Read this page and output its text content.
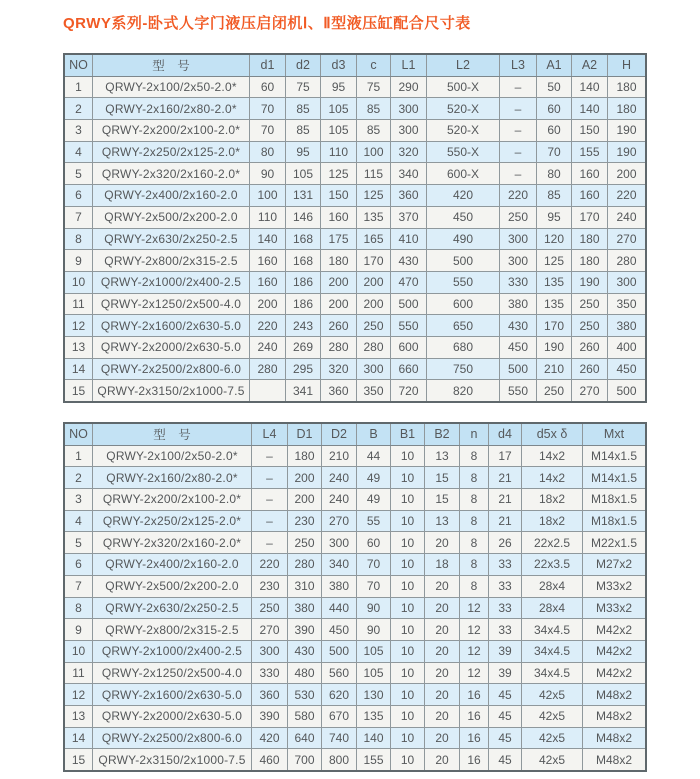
QRWY系列-卧式人字门液压启闭机Ⅰ、Ⅱ型液压缸配合尺寸表
NO	型　号	d1	d2	d3	c	L1	L2	L3	A1	A2	H
1	QRWY-2x100/2x50-2.0*	60	75	95	75	290	500-X	–	50	140	180
2	QRWY-2x160/2x80-2.0*	70	85	105	85	300	520-X	–	60	140	180
3	QRWY-2x200/2x100-2.0*	70	85	105	85	300	520-X	–	60	150	190
4	QRWY-2x250/2x125-2.0*	80	95	110	100	320	550-X	–	70	155	190
5	QRWY-2x320/2x160-2.0*	90	105	125	115	340	600-X	–	80	160	200
6	QRWY-2x400/2x160-2.0	100	131	150	125	360	420	220	85	160	220
7	QRWY-2x500/2x200-2.0	110	146	160	135	370	450	250	95	170	240
8	QRWY-2x630/2x250-2.5	140	168	175	165	410	490	300	120	180	270
9	QRWY-2x800/2x315-2.5	160	168	180	170	430	500	300	125	180	280
10	QRWY-2x1000/2x400-2.5	160	186	200	200	470	550	330	135	190	300
11	QRWY-2x1250/2x500-4.0	200	186	200	200	500	600	380	135	250	350
12	QRWY-2x1600/2x630-5.0	220	243	260	250	550	650	430	170	250	380
13	QRWY-2x2000/2x630-5.0	240	269	280	280	600	680	450	190	260	400
14	QRWY-2x2500/2x800-6.0	280	295	320	300	660	750	500	210	260	450
15	QRWY-2x3150/2x1000-7.5		341	360	350	720	820	550	250	270	500
NO	型　号	L4	D1	D2	B	B1	B2	n	d4	d5x δ	Mxt
1	QRWY-2x100/2x50-2.0*	–	180	210	44	10	13	8	17	14x2	M14x1.5
2	QRWY-2x160/2x80-2.0*	–	200	240	49	10	15	8	21	14x2	M14x1.5
3	QRWY-2x200/2x100-2.0*	–	200	240	49	10	15	8	21	18x2	M18x1.5
4	QRWY-2x250/2x125-2.0*	–	230	270	55	10	13	8	21	18x2	M18x1.5
5	QRWY-2x320/2x160-2.0*	–	250	300	60	10	20	8	26	22x2.5	M22x1.5
6	QRWY-2x400/2x160-2.0	220	280	340	70	10	18	8	33	22x3.5	M27x2
7	QRWY-2x500/2x200-2.0	230	310	380	70	10	20	8	33	28x4	M33x2
8	QRWY-2x630/2x250-2.5	250	380	440	90	10	20	12	33	28x4	M33x2
9	QRWY-2x800/2x315-2.5	270	390	450	90	10	20	12	33	34x4.5	M42x2
10	QRWY-2x1000/2x400-2.5	300	430	500	105	10	20	12	39	34x4.5	M42x2
11	QRWY-2x1250/2x500-4.0	330	480	560	105	10	20	12	39	34x4.5	M42x2
12	QRWY-2x1600/2x630-5.0	360	530	620	130	10	20	16	45	42x5	M48x2
13	QRWY-2x2000/2x630-5.0	390	580	670	135	10	20	16	45	42x5	M48x2
14	QRWY-2x2500/2x800-6.0	420	640	740	140	10	20	16	45	42x5	M48x2
15	QRWY-2x3150/2x1000-7.5	460	700	800	155	10	20	16	45	42x5	M48x2
